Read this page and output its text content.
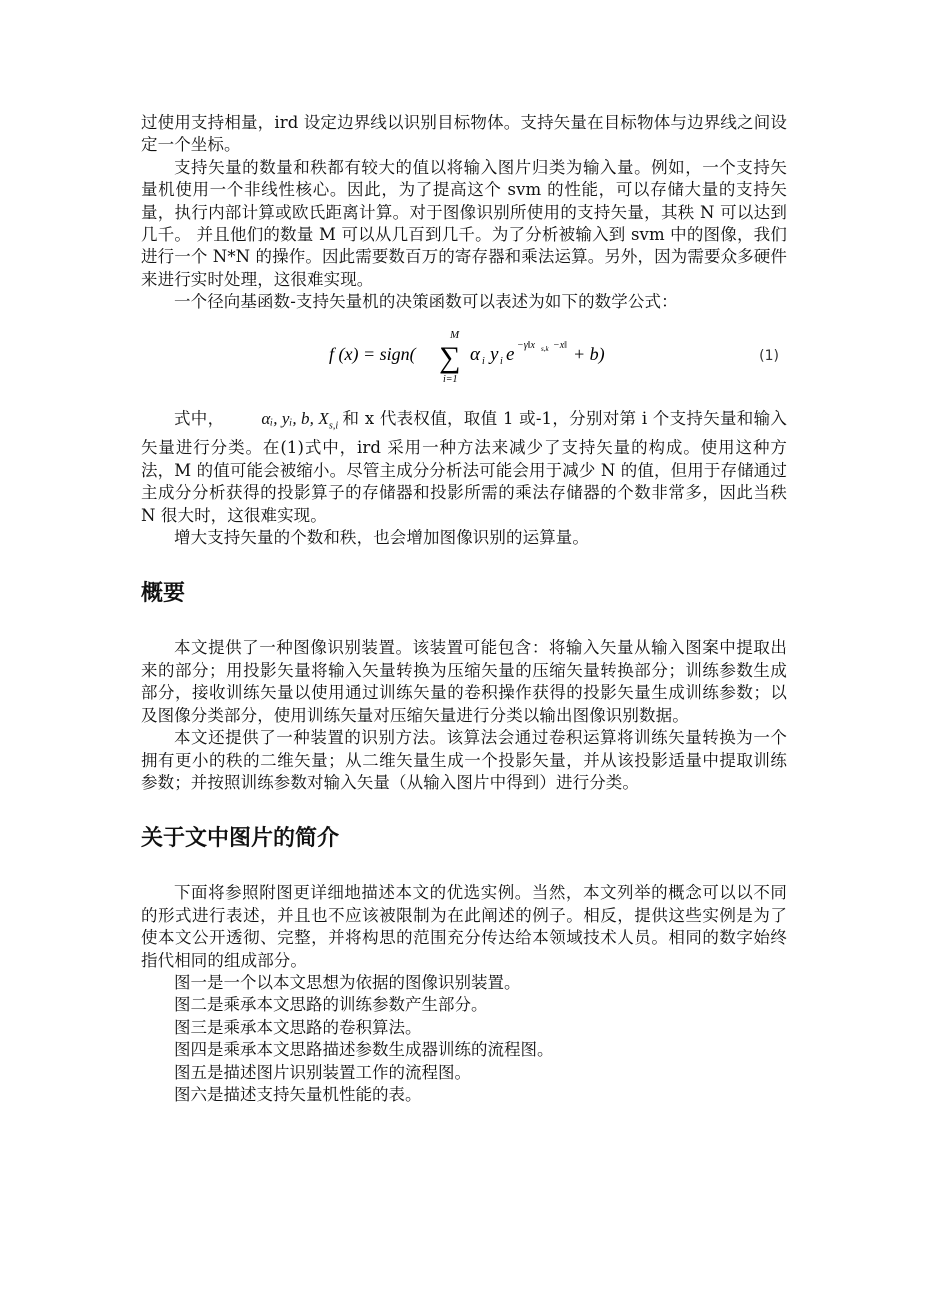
过使用支持相量，ird 设定边界线以识别目标物体。支持矢量在目标物体与边界线之间设定一个坐标。

支持矢量的数量和秩都有较大的值以将输入图片归类为输入量。例如，一个支持矢量机使用一个非线性核心。因此，为了提高这个 svm 的性能，可以存储大量的支持矢量，执行内部计算或欧氏距离计算。对于图像识别所使用的支持矢量，其秩 N 可以达到几千。 并且他们的数量 M 可以从几百到几千。为了分析被输入到 svm 中的图像，我们进行一个 N*N 的操作。因此需要数百万的寄存器和乘法运算。另外，因为需要众多硬件来进行实时处理，这很难实现。

一个径向基函数-支持矢量机的决策函数可以表述为如下的数学公式：

f (x) = sign(
M
∑
i=1
α i y i e −γ‖x s,k −x‖ + b)	(1)

式中， αᵢ, yᵢ, b, $X_{s,i}$ 和 x 代表权值，取值 1 或-1，分别对第 i 个支持矢量和输入矢量进行分类。在(1)式中，ird 采用一种方法来减少了支持矢量的构成。使用这种方法，M 的值可能会被缩小。尽管主成分分析法可能会用于减少 N 的值，但用于存储通过主成分分析获得的投影算子的存储器和投影所需的乘法存储器的个数非常多，因此当秩 N 很大时，这很难实现。

增大支持矢量的个数和秩，也会增加图像识别的运算量。

概要

本文提供了一种图像识别装置。该装置可能包含：将输入矢量从输入图案中提取出来的部分；用投影矢量将输入矢量转换为压缩矢量的压缩矢量转换部分；训练参数生成部分，接收训练矢量以使用通过训练矢量的卷积操作获得的投影矢量生成训练参数；以及图像分类部分，使用训练矢量对压缩矢量进行分类以输出图像识别数据。

本文还提供了一种装置的识别方法。该算法会通过卷积运算将训练矢量转换为一个拥有更小的秩的二维矢量；从二维矢量生成一个投影矢量，并从该投影适量中提取训练参数；并按照训练参数对输入矢量（从输入图片中得到）进行分类。

关于文中图片的简介

下面将参照附图更详细地描述本文的优选实例。当然，本文列举的概念可以以不同的形式进行表述，并且也不应该被限制为在此阐述的例子。相反，提供这些实例是为了使本文公开透彻、完整，并将构思的范围充分传达给本领域技术人员。相同的数字始终指代相同的组成部分。

图一是一个以本文思想为依据的图像识别装置。

图二是乘承本文思路的训练参数产生部分。

图三是乘承本文思路的卷积算法。

图四是乘承本文思路描述参数生成器训练的流程图。

图五是描述图片识别装置工作的流程图。

图六是描述支持矢量机性能的表。
